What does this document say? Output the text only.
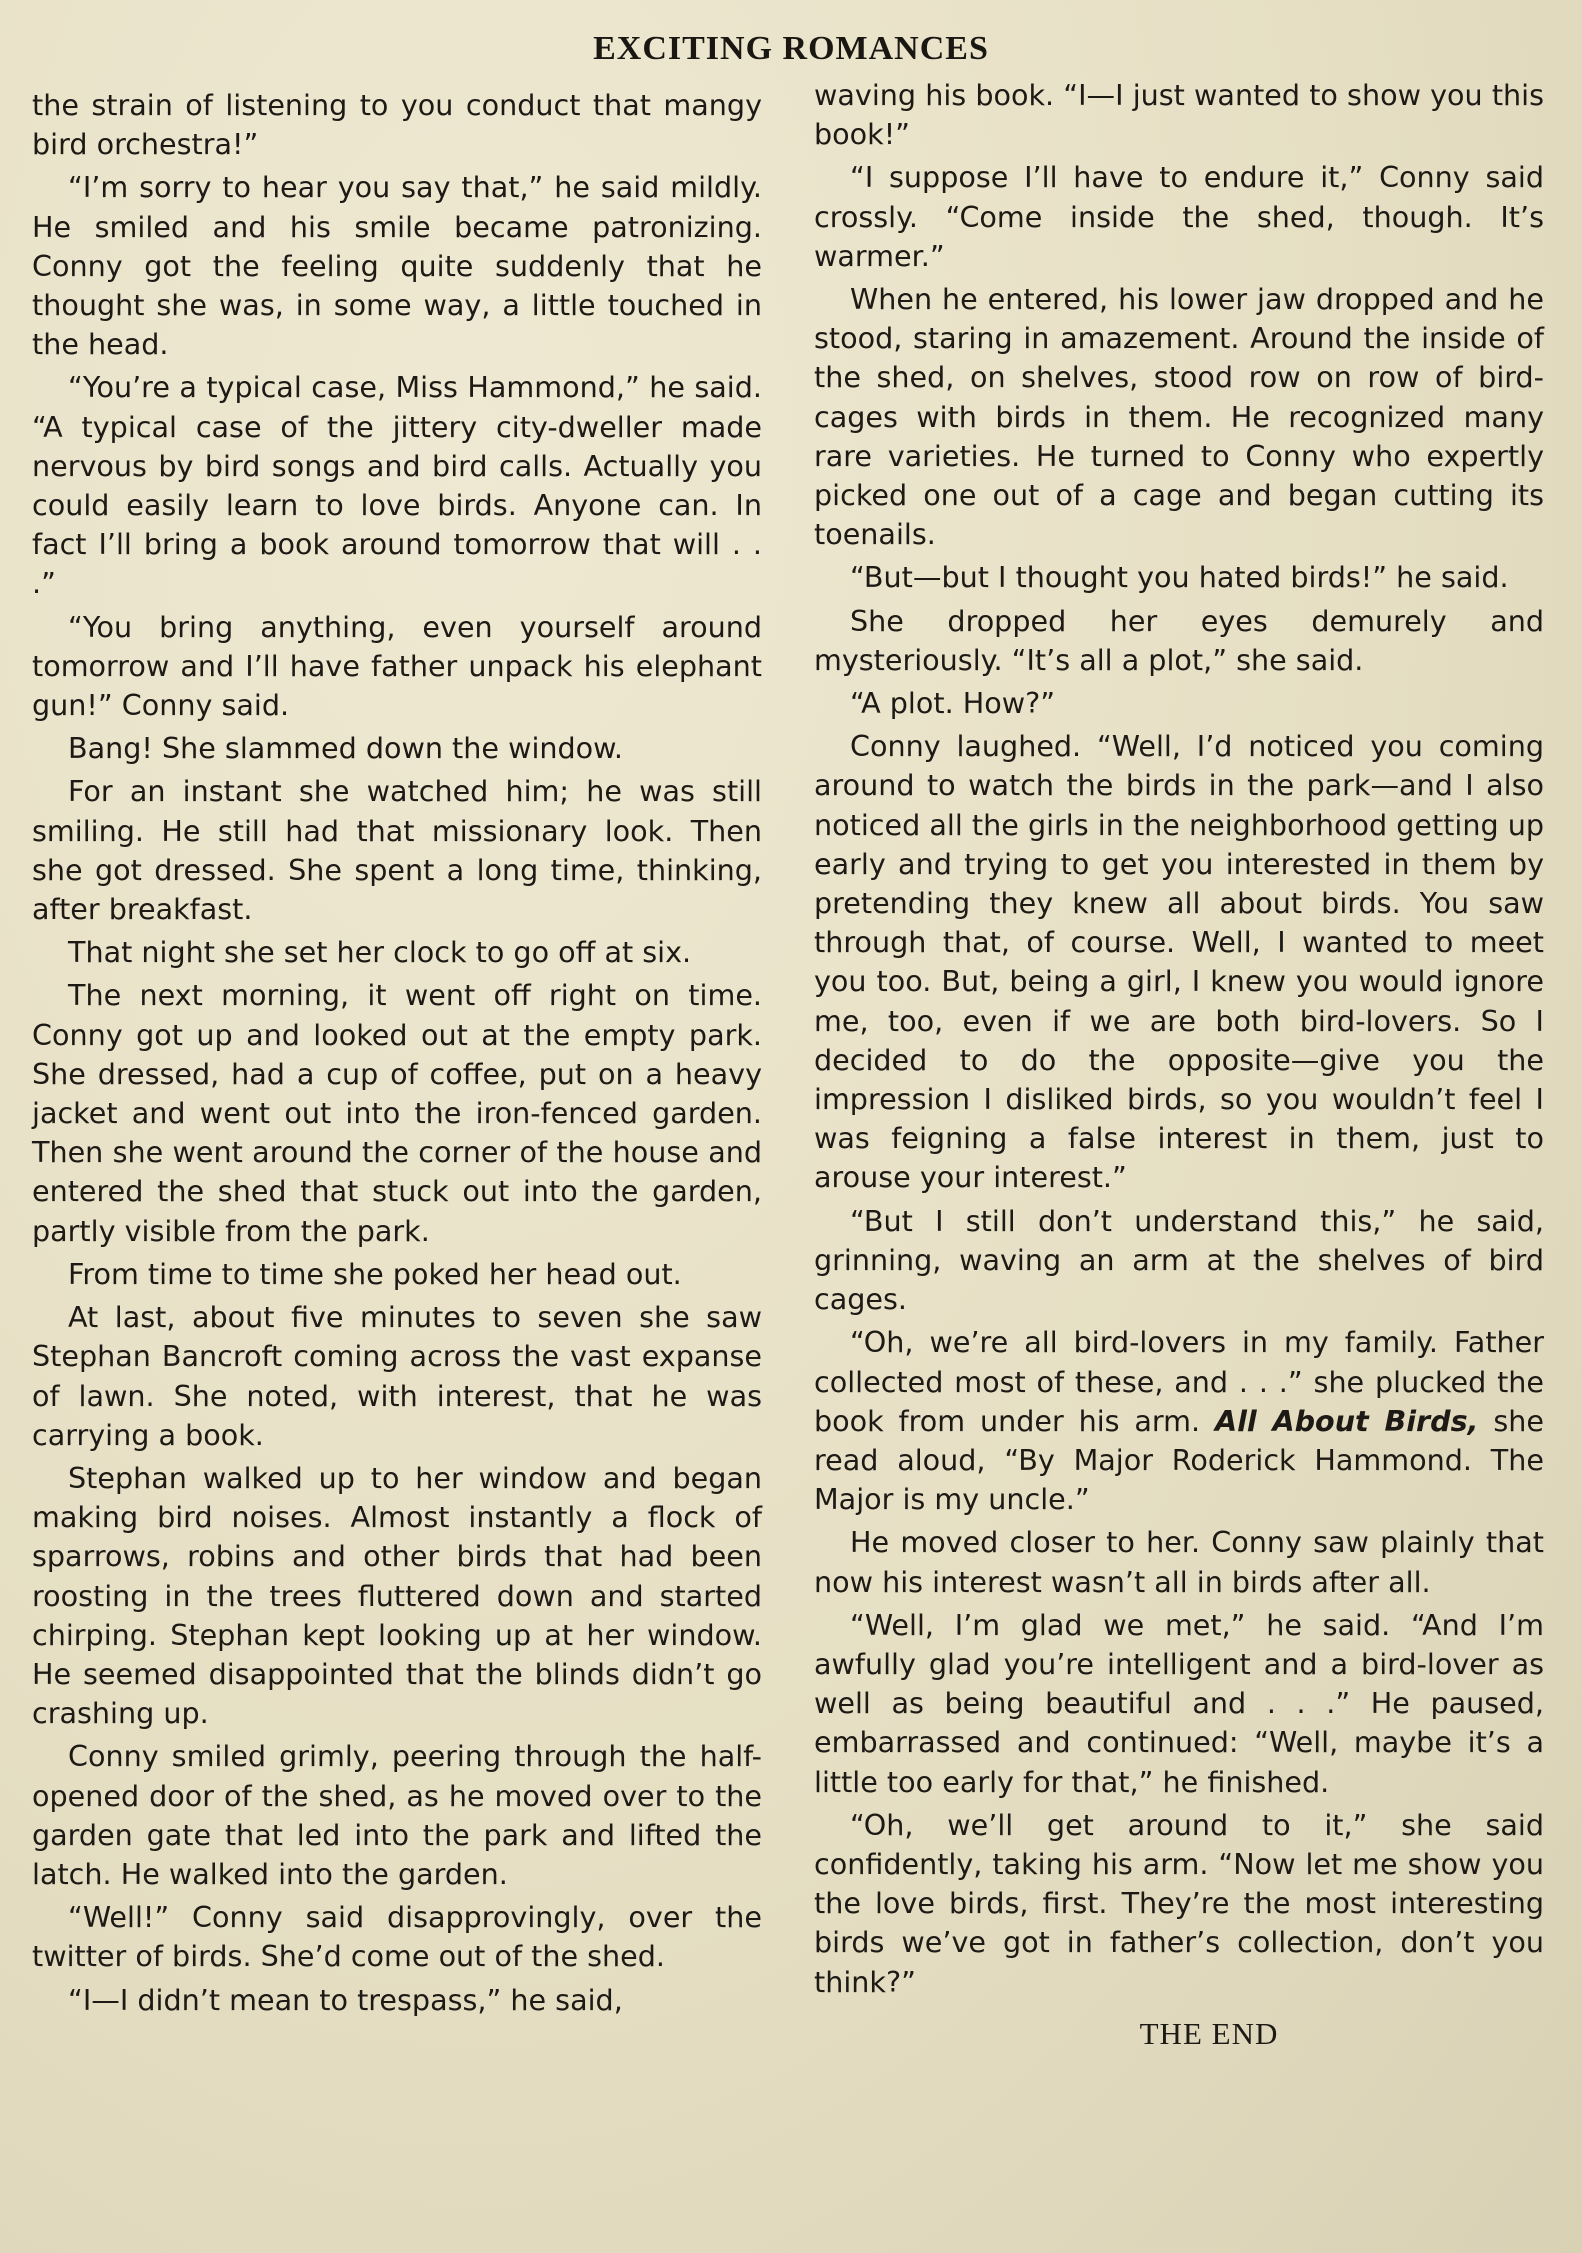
EXCITING ROMANCES

the strain of listening to you conduct that mangy bird orchestra!”

“I’m sorry to hear you say that,” he said mildly. He smiled and his smile became patronizing. Conny got the feeling quite suddenly that he thought she was, in some way, a little touched in the head.

“You’re a typical case, Miss Hammond,” he said. “A typical case of the jittery city-dweller made nervous by bird songs and bird calls. Actually you could easily learn to love birds. Anyone can. In fact I’ll bring a book around tomorrow that will . . .”

“You bring anything, even yourself around tomorrow and I’ll have father unpack his elephant gun!” Conny said.

Bang! She slammed down the window.

For an instant she watched him; he was still smiling. He still had that missionary look. Then she got dressed. She spent a long time, thinking, after breakfast.

That night she set her clock to go off at six.

The next morning, it went off right on time. Conny got up and looked out at the empty park. She dressed, had a cup of coffee, put on a heavy jacket and went out into the iron-fenced garden. Then she went around the corner of the house and entered the shed that stuck out into the garden, partly visible from the park.

From time to time she poked her head out.

At last, about five minutes to seven she saw Stephan Bancroft coming across the vast expanse of lawn. She noted, with interest, that he was carrying a book.

Stephan walked up to her window and began making bird noises. Almost instantly a flock of sparrows, robins and other birds that had been roosting in the trees fluttered down and started chirping. Stephan kept looking up at her window. He seemed disappointed that the blinds didn’t go crashing up.

Conny smiled grimly, peering through the half-opened door of the shed, as he moved over to the garden gate that led into the park and lifted the latch. He walked into the garden.

“Well!” Conny said disapprovingly, over the twitter of birds. She’d come out of the shed.

“I—I didn’t mean to trespass,” he said,

waving his book. “I—I just wanted to show you this book!”

“I suppose I’ll have to endure it,” Conny said crossly. “Come inside the shed, though. It’s warmer.”

When he entered, his lower jaw dropped and he stood, staring in amazement. Around the inside of the shed, on shelves, stood row on row of bird-cages with birds in them. He recognized many rare varieties. He turned to Conny who expertly picked one out of a cage and began cutting its toenails.

“But—but I thought you hated birds!” he said.

She dropped her eyes demurely and mysteriously. “It’s all a plot,” she said.

“A plot. How?”

Conny laughed. “Well, I’d noticed you coming around to watch the birds in the park—and I also noticed all the girls in the neighborhood getting up early and trying to get you interested in them by pretending they knew all about birds. You saw through that, of course. Well, I wanted to meet you too. But, being a girl, I knew you would ignore me, too, even if we are both bird-lovers. So I decided to do the opposite—give you the impression I disliked birds, so you wouldn’t feel I was feigning a false interest in them, just to arouse your interest.”

“But I still don’t understand this,” he said, grinning, waving an arm at the shelves of bird cages.

“Oh, we’re all bird-lovers in my family. Father collected most of these, and . . .” she plucked the book from under his arm. All About Birds, she read aloud, “By Major Roderick Hammond. The Major is my uncle.”

He moved closer to her. Conny saw plainly that now his interest wasn’t all in birds after all.

“Well, I’m glad we met,” he said. “And I’m awfully glad you’re intelligent and a bird-lover as well as being beautiful and . . .” He paused, embarrassed and continued: “Well, maybe it’s a little too early for that,” he finished.

“Oh, we’ll get around to it,” she said confidently, taking his arm. “Now let me show you the love birds, first. They’re the most interesting birds we’ve got in father’s collection, don’t you think?”

THE END
